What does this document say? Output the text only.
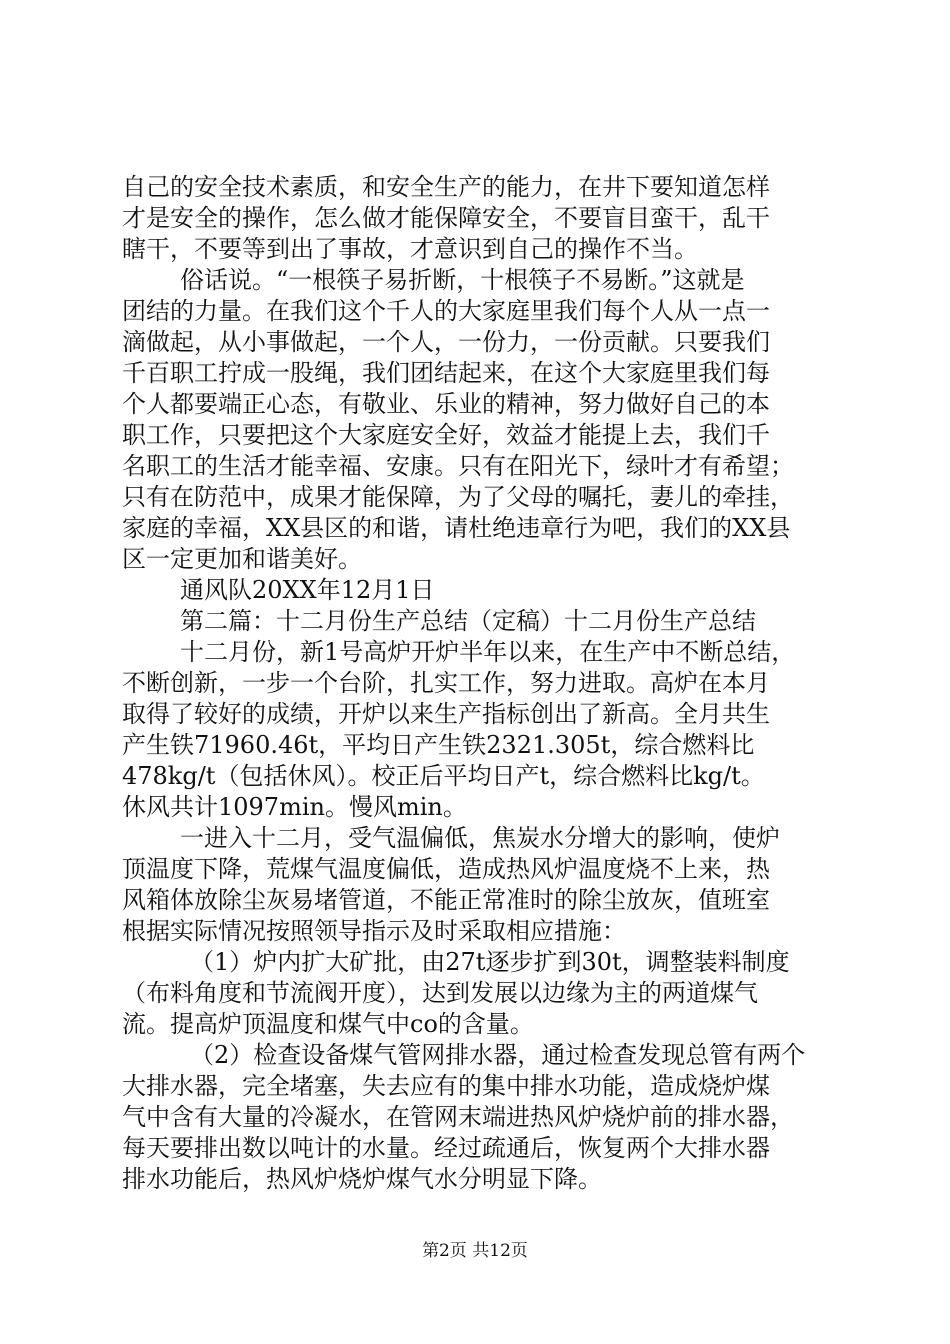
自己的安全技术素质，和安全生产的能力，在井下要知道怎样
才是安全的操作，怎么做才能保障安全，不要盲目蛮干，乱干
瞎干，不要等到出了事故，才意识到自己的操作不当。
俗话说。“一根筷子易折断，十根筷子不易断。”这就是
团结的力量。在我们这个千人的大家庭里我们每个人从一点一
滴做起，从小事做起，一个人，一份力，一份贡献。只要我们
千百职工拧成一股绳，我们团结起来，在这个大家庭里我们每
个人都要端正心态，有敬业、乐业的精神，努力做好自己的本
职工作，只要把这个大家庭安全好，效益才能提上去，我们千
名职工的生活才能幸福、安康。只有在阳光下，绿叶才有希望；
只有在防范中，成果才能保障，为了父母的嘱托，妻儿的牵挂，
家庭的幸福，XX县区的和谐，请杜绝违章行为吧，我们的XX县
区一定更加和谐美好。
通风队20XX年12月1日
第二篇：十二月份生产总结（定稿）十二月份生产总结
十二月份，新1号高炉开炉半年以来，在生产中不断总结，
不断创新，一步一个台阶，扎实工作，努力进取。高炉在本月
取得了较好的成绩，开炉以来生产指标创出了新高。全月共生
产生铁71960.46t，平均日产生铁2321.305t，综合燃料比
478kg/t（包括休风）。校正后平均日产t，综合燃料比kg/t。
休风共计1097min。慢风min。
一进入十二月，受气温偏低，焦炭水分增大的影响，使炉
顶温度下降，荒煤气温度偏低，造成热风炉温度烧不上来，热
风箱体放除尘灰易堵管道，不能正常准时的除尘放灰，值班室
根据实际情况按照领导指示及时采取相应措施：
（1）炉内扩大矿批，由27t逐步扩到30t，调整装料制度
（布料角度和节流阀开度），达到发展以边缘为主的两道煤气
流。提高炉顶温度和煤气中co的含量。
（2）检查设备煤气管网排水器，通过检查发现总管有两个
大排水器，完全堵塞，失去应有的集中排水功能，造成烧炉煤
气中含有大量的冷凝水，在管网末端进热风炉烧炉前的排水器，
每天要排出数以吨计的水量。经过疏通后，恢复两个大排水器
排水功能后，热风炉烧炉煤气水分明显下降。
第2页 共12页
